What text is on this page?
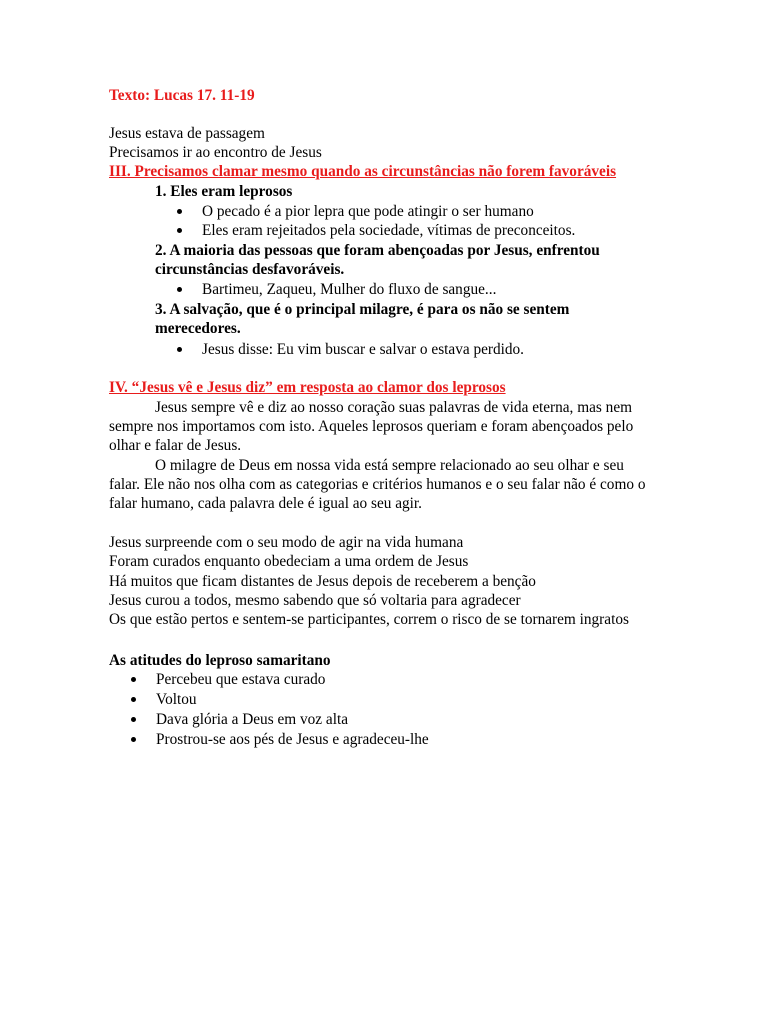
Texto: Lucas 17. 11-19
Jesus estava de passagem
Precisamos ir ao encontro de Jesus
III. Precisamos clamar mesmo quando as circunstâncias não forem favoráveis
1. Eles eram leprosos
O pecado é a pior lepra que pode atingir o ser humano
Eles eram rejeitados pela sociedade, vítimas de preconceitos.
2. A maioria das pessoas que foram abençoadas por Jesus, enfrentou
circunstâncias desfavoráveis.
Bartimeu, Zaqueu, Mulher do fluxo de sangue...
3. A salvação, que é o principal milagre, é para os não se sentem
merecedores.
Jesus disse: Eu vim buscar e salvar o estava perdido.
IV. “Jesus vê e Jesus diz” em resposta ao clamor dos leprosos
Jesus sempre vê e diz ao nosso coração suas palavras de vida eterna, mas nem
sempre nos importamos com isto. Aqueles leprosos queriam e foram abençoados pelo
olhar e falar de Jesus.
O milagre de Deus em nossa vida está sempre relacionado ao seu olhar e seu
falar. Ele não nos olha com as categorias e critérios humanos e o seu falar não é como o
falar humano, cada palavra dele é igual ao seu agir.
Jesus surpreende com o seu modo de agir na vida humana
Foram curados enquanto obedeciam a uma ordem de Jesus
Há muitos que ficam distantes de Jesus depois de receberem a benção
Jesus curou a todos, mesmo sabendo que só voltaria para agradecer
Os que estão pertos e sentem-se participantes, correm o risco de se tornarem ingratos
As atitudes do leproso samaritano
Percebeu que estava curado
Voltou
Dava glória a Deus em voz alta
Prostrou-se aos pés de Jesus e agradeceu-lhe
